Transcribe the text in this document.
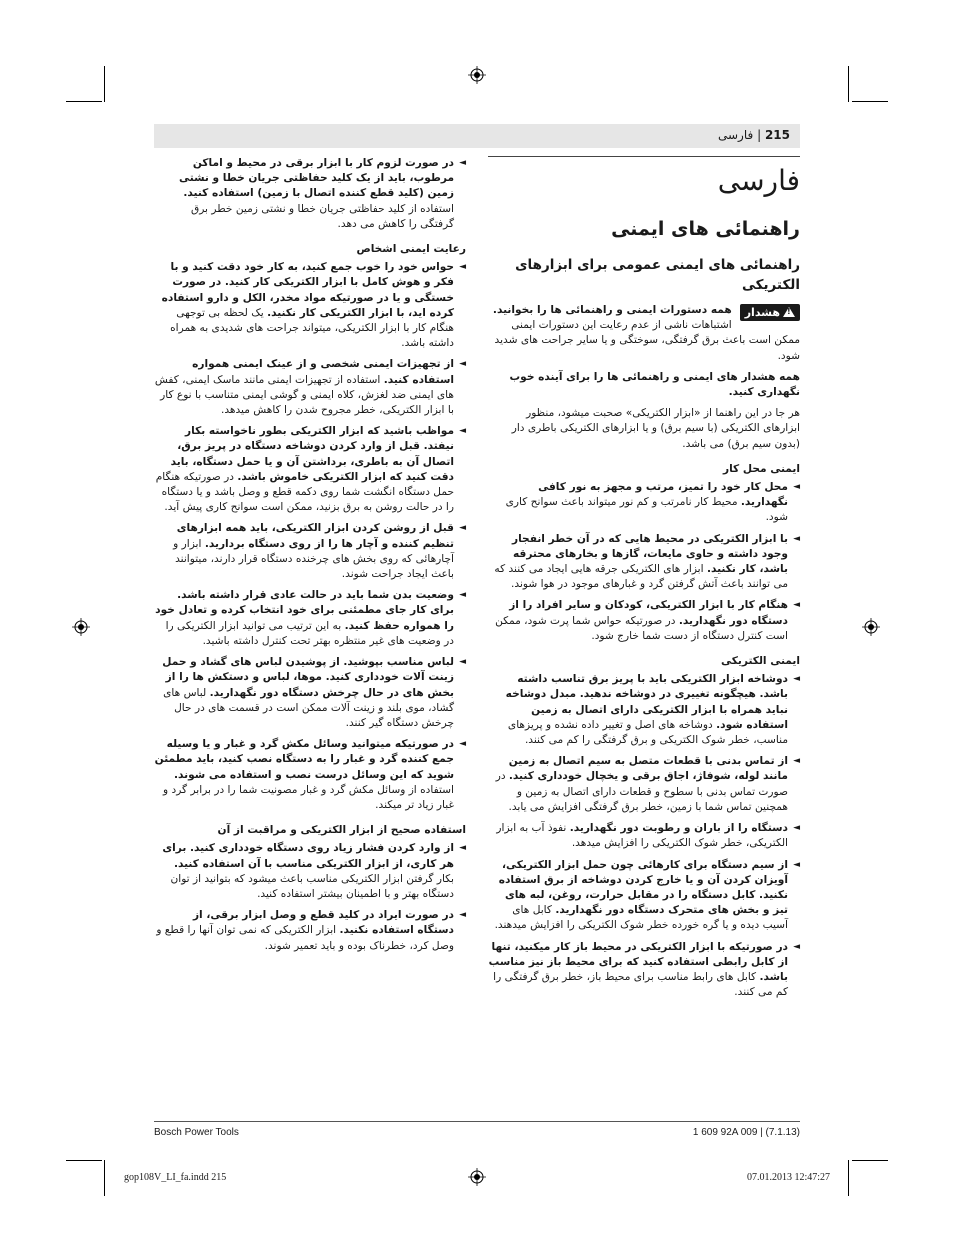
215 | فارسی
فارسی
راهنمائی های ایمنی
راهنمائی های ایمنی عمومی برای ابزارهای الکتریکی
!هشدار
همه دستورات ایمنی و راهنمائی ها را بخوانید. اشتباهات ناشی از عدم رعایت این دستورات ایمنی ممکن است باعث برق گرفتگی، سوختگی و یا سایر جراحت های شدید شود.
همه هشدار های ایمنی و راهنمائی ها را برای آینده خوب نگهداری کنید.
هر جا در این راهنما از «ابزار الکتریکی» صحبت میشود، منظور ابزارهای الکتریکی (با سیم برق) و یا ابزارهای الکتریکی باطری دار (بدون سیم برق) می باشد.
ایمنی محل کار
◄
محل کار خود را تمیز، مرتب و مجهز به نور کافی نگهدارید. محیط کار نامرتب و کم نور میتواند باعث سوانح کاری شود.
◄
با ابزار الکتریکی در محیط هایی که در آن خطر انفجار وجود داشته و حاوی مایعات، گازها و بخارهای محترقه باشد، کار نکنید. ابزار های الکتریکی جرقه هایی ایجاد می کنند که می توانند باعث آتش گرفتن گرد و غبارهای موجود در هوا شوند.
◄
هنگام کار با ابزار الکتریکی، کودکان و سایر افراد را از دستگاه دور نگهدارید. در صورتیکه حواس شما پرت شود، ممکن است کنترل دستگاه از دست شما خارج شود.
ایمنی الکتریکی
◄
دوشاخه ابزار الکتریکی باید با پریز برق تناسب داشته باشد. هیچگونه تغییری در دوشاخه ندهید. مبدل دوشاخه نباید همراه با ابزار الکتریکی دارای اتصال به زمین استفاده شود. دوشاخه های اصل و تغییر داده نشده و پریزهای مناسب، خطر شوک الکتریکی و برق گرفتگی را کم می کنند.
◄
از تماس بدنی با قطعات متصل به سیم اتصال به زمین مانند لوله، شوفاژ، اجاق برقی و یخچال خودداری کنید. در صورت تماس بدنی با سطوح و قطعات دارای اتصال به زمین و همچنین تماس شما با زمین، خطر برق گرفتگی افزایش می یابد.
◄
دستگاه را از باران و رطوبت دور نگهدارید. نفوذ آب به ابزار الکتریکی، خطر شوک الکتریکی را افزایش میدهد.
◄
از سیم دستگاه برای کارهائی چون حمل ابزار الکتریکی، آویزان کردن آن و یا خارج کردن دوشاخه از برق استفاده نکنید. کابل دستگاه را در مقابل حرارت، روغن، لبه های تیز و بخش های متحرک دستگاه دور نگهدارید. کابل های آسیب دیده و یا گره خورده خطر شوک الکتریکی را افزایش میدهند.
◄
در صورتیکه با ابزار الکتریکی در محیط باز کار میکنید، تنها از کابل رابطی استفاده کنید که برای محیط باز نیز مناسب باشد. کابل های رابط مناسب برای محیط باز، خطر برق گرفتگی را کم می کنند.
◄
در صورت لزوم کار با ابزار برقی در محیط و اماکن مرطوب، باید از یک کلید حفاظتی جریان خطا و نشتی زمین (کلید قطع کننده اتصال با زمین) استفاده کنید. استفاده از کلید حفاظتی جریان خطا و نشتی زمین خطر برق گرفتگی را کاهش می دهد.
رعایت ایمنی اشخاص
◄
حواس خود را خوب جمع کنید، به کار خود دقت کنید و با فکر و هوش کامل با ابزار الکتریکی کار کنید. در صورت خستگی و یا در صورتیکه مواد مخدر، الکل و دارو استفاده کرده اید، با ابزار الکتریکی کار نکنید. یک لحظه بی توجهی هنگام کار با ابزار الکتریکی، میتواند جراحت های شدیدی به همراه داشته باشد.
◄
از تجهیزات ایمنی شخصی و از عینک ایمنی همواره استفاده کنید. استفاده از تجهیزات ایمنی مانند ماسک ایمنی، کفش های ایمنی ضد لغزش، کلاه ایمنی و گوشی ایمنی متناسب با نوع کار با ابزار الکتریکی، خطر مجروح شدن را کاهش میدهد.
◄
مواظب باشید که ابزار الکتریکی بطور ناخواسته بکار نیفتد. قبل از وارد کردن دوشاخه دستگاه در پریز برق، اتصال آن به باطری، برداشتن آن و یا حمل دستگاه، باید دقت کنید که ابزار الکتریکی خاموش باشد. در صورتیکه هنگام حمل دستگاه انگشت شما روی دکمه قطع و وصل باشد و یا دستگاه را در حالت روشن به برق بزنید، ممکن است سوانح کاری پیش آید.
◄
قبل از روشن کردن ابزار الکتریکی، باید همه ابزارهای تنظیم کننده و آچار ها را از روی دستگاه بردارید. ابزار و آچارهائی که روی بخش های چرخنده دستگاه قرار دارند، میتوانند باعث ایجاد جراحت شوند.
◄
وضعیت بدن شما باید در حالت عادی قرار داشته باشد. برای کار جای مطمئنی برای خود انتخاب کرده و تعادل خود را همواره حفظ کنید. به این ترتیب می توانید ابزار الکتریکی را در وضعیت های غیر منتظره بهتر تحت کنترل داشته باشید.
◄
لباس مناسب بپوشید. از پوشیدن لباس های گشاد و حمل زینت آلات خودداری کنید. موها، لباس و دستکش ها را از بخش های در حال چرخش دستگاه دور نگهدارید. لباس های گشاد، موی بلند و زینت آلات ممکن است در قسمت های در حال چرخش دستگاه گیر کنند.
◄
در صورتیکه میتوانید وسائل مکش گرد و غبار و یا وسیله جمع کننده گرد و غبار را به دستگاه نصب کنید، باید مطمئن شوید که این وسائل درست نصب و استفاده می شوند. استفاده از وسائل مکش گرد و غبار مصونیت شما را در برابر گرد و غبار زیاد تر میکند.
استفاده صحیح از ابزار الکتریکی و مراقبت از آن
◄
از وارد کردن فشار زیاد روی دستگاه خودداری کنید. برای هر کاری، از ابزار الکتریکی مناسب با آن استفاده کنید. بکار گرفتن ابزار الکتریکی مناسب باعث میشود که بتوانید از توان دستگاه بهتر و با اطمینان بیشتر استفاده کنید.
◄
در صورت ایراد در کلید قطع و وصل ابزار برقی، از دستگاه استفاده نکنید. ابزار الکتریکی که نمی توان آنها را قطع و وصل کرد، خطرناک بوده و باید تعمیر شوند.
Bosch Power Tools	1 609 92A 009 | (7.1.13)
gop108V_LI_fa.indd 215	07.01.2013 12:47:27
